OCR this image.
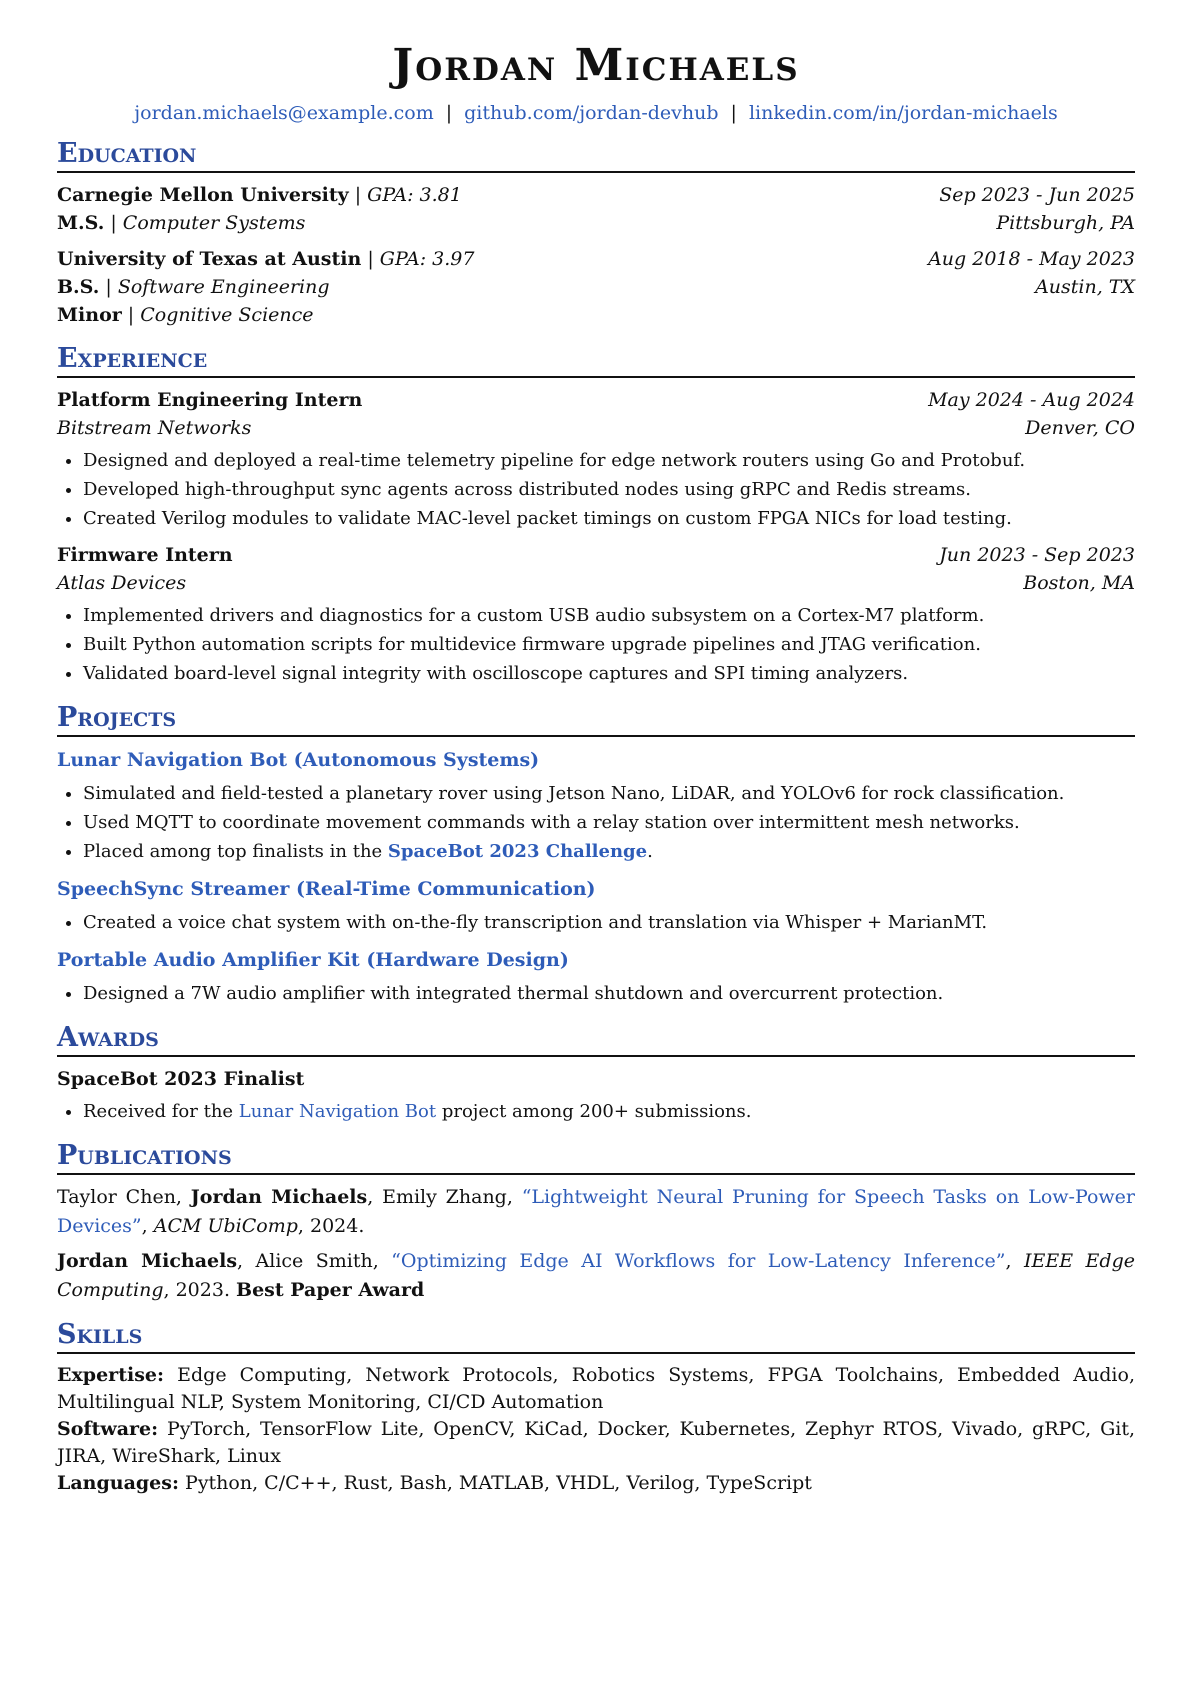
Jordan Michaels
jordan.michaels@example.com | github.com/jordan-devhub | linkedin.com/in/jordan-michaels
Education
Carnegie Mellon University | GPA: 3.81	Sep 2023 - Jun 2025
M.S. | Computer Systems	Pittsburgh, PA
University of Texas at Austin | GPA: 3.97	Aug 2018 - May 2023
B.S. | Software Engineering	Austin, TX
Minor | Cognitive Science
Experience
Platform Engineering Intern	May 2024 - Aug 2024
Bitstream Networks	Denver, CO
• Designed and deployed a real-time telemetry pipeline for edge network routers using Go and Protobuf.
• Developed high-throughput sync agents across distributed nodes using gRPC and Redis streams.
• Created Verilog modules to validate MAC-level packet timings on custom FPGA NICs for load testing.
Firmware Intern	Jun 2023 - Sep 2023
Atlas Devices	Boston, MA
• Implemented drivers and diagnostics for a custom USB audio subsystem on a Cortex-M7 platform.
• Built Python automation scripts for multidevice firmware upgrade pipelines and JTAG verification.
• Validated board-level signal integrity with oscilloscope captures and SPI timing analyzers.
Projects
Lunar Navigation Bot (Autonomous Systems)
• Simulated and field-tested a planetary rover using Jetson Nano, LiDAR, and YOLOv6 for rock classification.
• Used MQTT to coordinate movement commands with a relay station over intermittent mesh networks.
• Placed among top finalists in the SpaceBot 2023 Challenge.
SpeechSync Streamer (Real-Time Communication)
• Created a voice chat system with on-the-fly transcription and translation via Whisper + MarianMT.
Portable Audio Amplifier Kit (Hardware Design)
• Designed a 7W audio amplifier with integrated thermal shutdown and overcurrent protection.
Awards
SpaceBot 2023 Finalist
• Received for the Lunar Navigation Bot project among 200+ submissions.
Publications
Taylor Chen, Jordan Michaels, Emily Zhang, “Lightweight Neural Pruning for Speech Tasks on Low-Power Devices”, ACM UbiComp, 2024.
Jordan Michaels, Alice Smith, “Optimizing Edge AI Workflows for Low-Latency Inference”, IEEE Edge Computing, 2023. Best Paper Award
Skills
Expertise: Edge Computing, Network Protocols, Robotics Systems, FPGA Toolchains, Embedded Audio, Multilingual NLP, System Monitoring, CI/CD Automation
Software: PyTorch, TensorFlow Lite, OpenCV, KiCad, Docker, Kubernetes, Zephyr RTOS, Vivado, gRPC, Git, JIRA, WireShark, Linux
Languages: Python, C/C++, Rust, Bash, MATLAB, VHDL, Verilog, TypeScript
